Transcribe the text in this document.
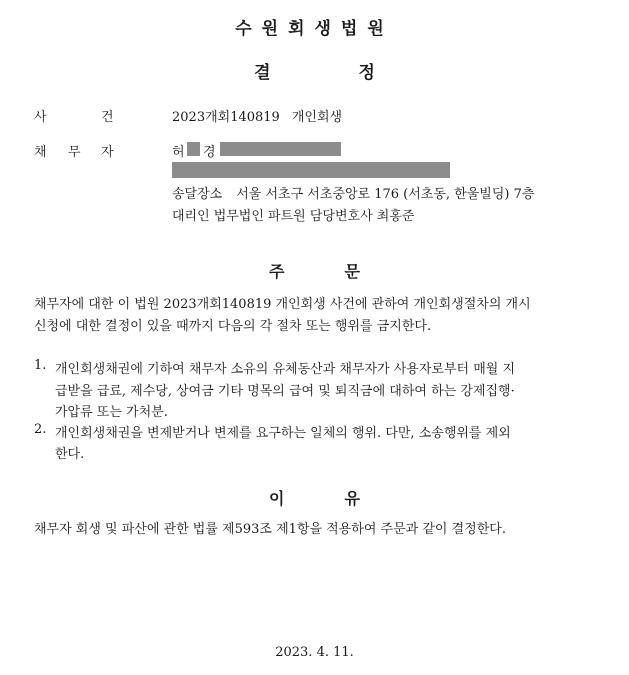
수원회생법원
결	정
사	건	2023개회140819 개인회생
채 무 자	허 경
송달장소 서울 서초구 서초중앙로 176 (서초동, 한울빌딩) 7층
대리인 법무법인 파트원 담당변호사 최홍준
주	문
채무자에 대한 이 법원 2023개회140819 개인회생 사건에 관하여 개인회생절차의 개시
신청에 대한 결정이 있을 때까지 다음의 각 절차 또는 행위를 금지한다.
1. 개인회생채권에 기하여 채무자 소유의 유체동산과 채무자가 사용자로부터 매월 지
급받을 급료, 제수당, 상여금 기타 명목의 급여 및 퇴직금에 대하여 하는 강제집행·
가압류 또는 가처분.
2. 개인회생채권을 변제받거나 변제를 요구하는 일체의 행위. 다만, 소송행위를 제외
한다.
이	유
채무자 회생 및 파산에 관한 법률 제593조 제1항을 적용하여 주문과 같이 결정한다.
2023. 4. 11.
